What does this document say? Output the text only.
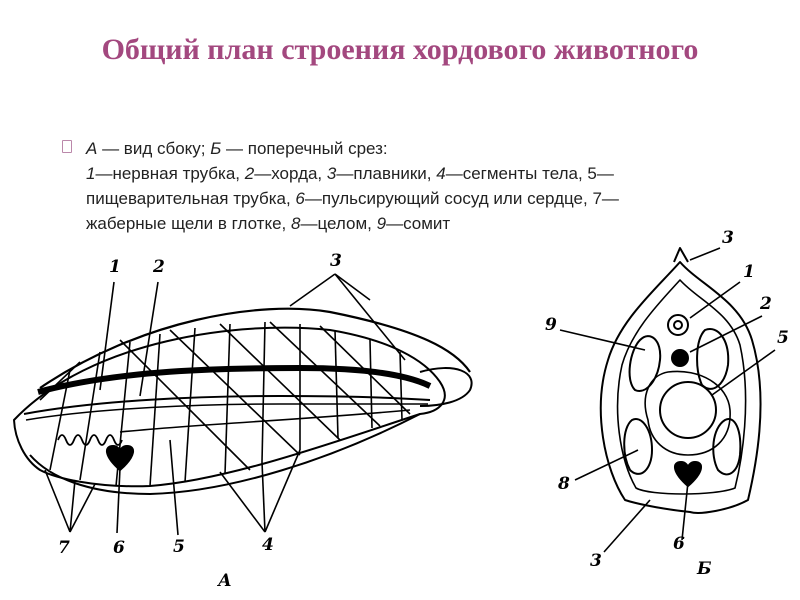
Общий план строения хордового животного

А — вид сбоку; Б — поперечный срез:

1—нервная трубка, 2—хорда, 3—плавники, 4—сегменты тела, 5—

пищеварительная трубка, 6—пульсирующий сосуд или сердце, 7—

жаберные щели в глотке, 8—целом, 9—сомит

1 2	3
4
5
6
7
А
3
1
2
5
9
8
3
6
Б
